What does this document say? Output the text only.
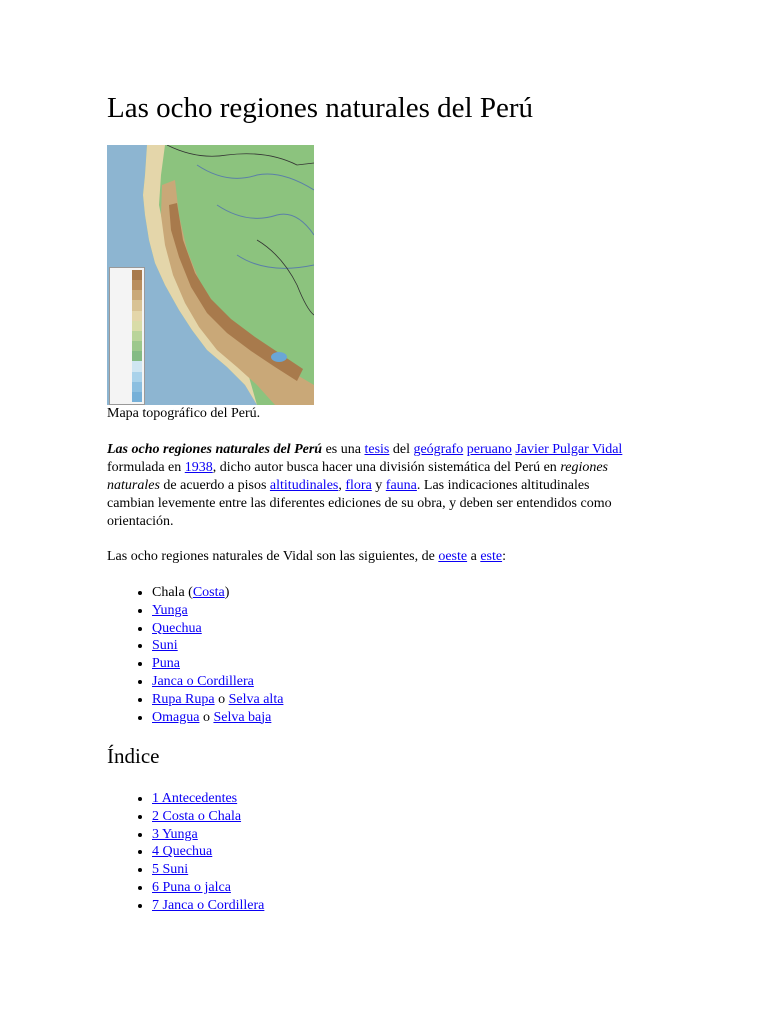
Las ocho regiones naturales del Perú
Mapa topográfico del Perú.

Las ocho regiones naturales del Perú es una tesis del geógrafo peruano Javier Pulgar Vidal formulada en 1938, dicho autor busca hacer una división sistemática del Perú en regiones naturales de acuerdo a pisos altitudinales, flora y fauna. Las indicaciones altitudinales cambian levemente entre las diferentes ediciones de su obra, y deben ser entendidos como orientación.

Las ocho regiones naturales de Vidal son las siguientes, de oeste a este:

• Chala (Costa)
• Yunga
• Quechua
• Suni
• Puna
• Janca o Cordillera
• Rupa Rupa o Selva alta
• Omagua o Selva baja
Índice
• 1 Antecedentes
• 2 Costa o Chala
• 3 Yunga
• 4 Quechua
• 5 Suni
• 6 Puna o jalca
• 7 Janca o Cordillera
